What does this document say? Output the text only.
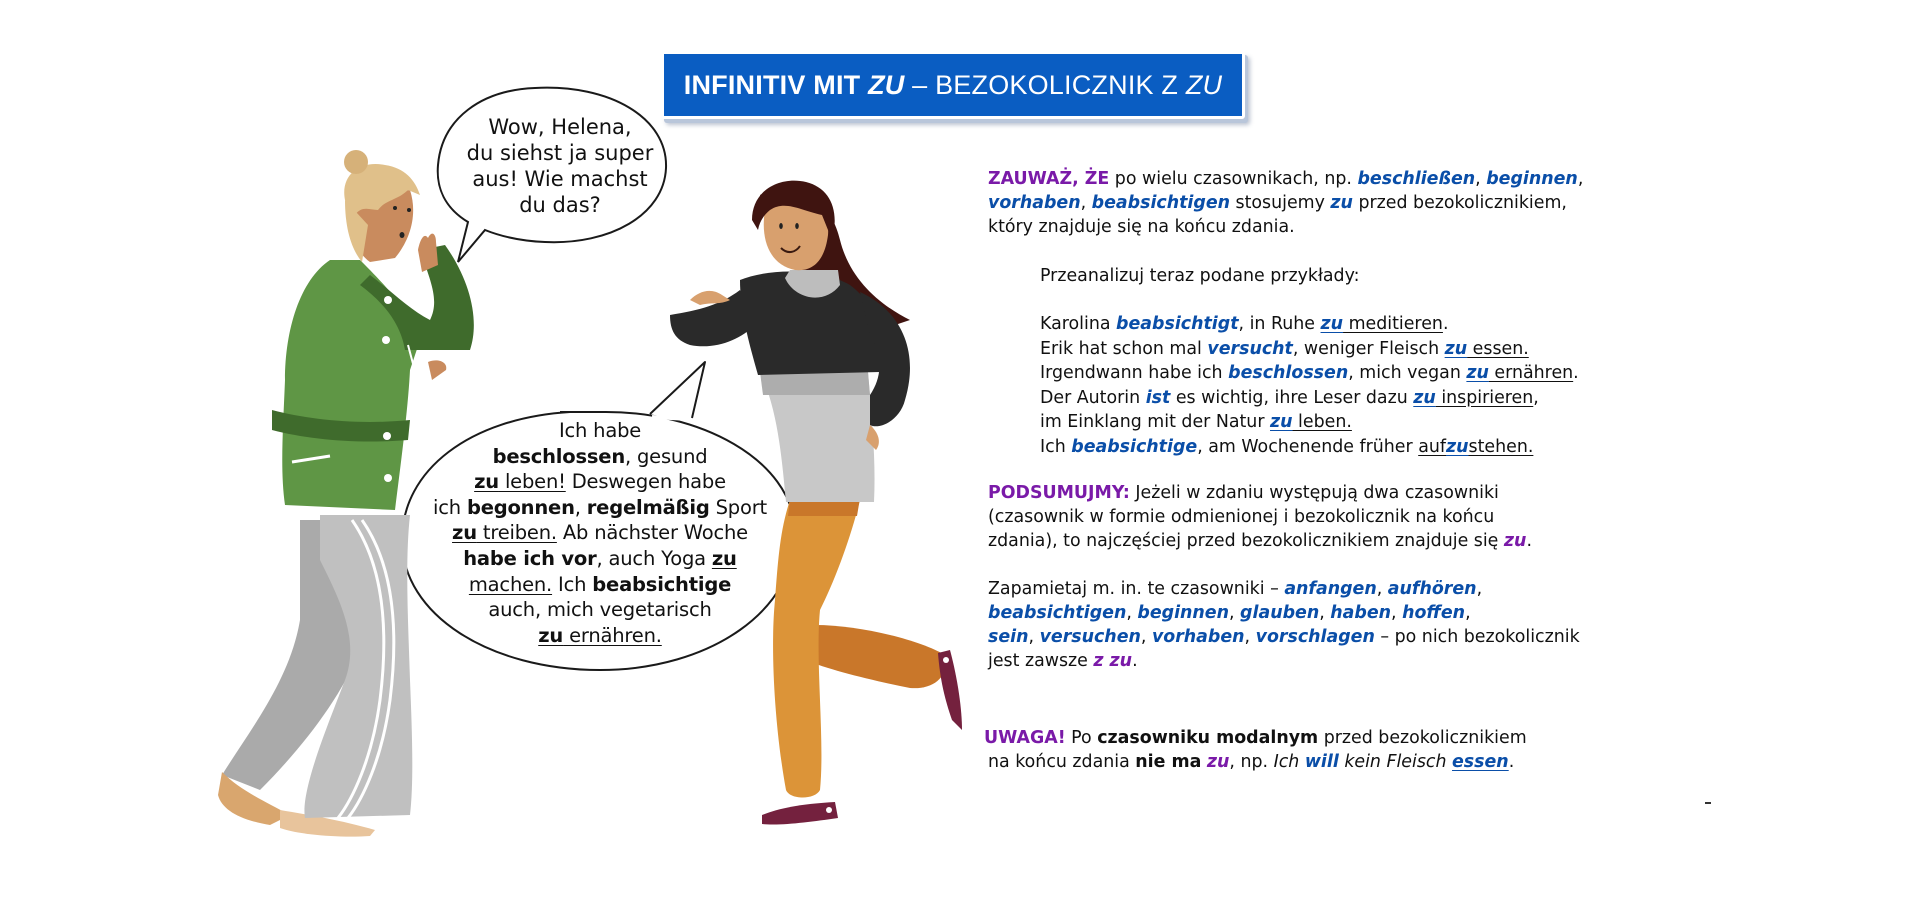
INFINITIV MIT ZU – BEZOKOLICZNIK Z ZU
Wow, Helena,
du siehst ja super
aus! Wie machst
du das?
Ich habe
beschlossen, gesund
zu leben! Deswegen habe
ich begonnen, regelmäßig Sport
zu treiben. Ab nächster Woche
habe ich vor, auch Yoga zu
machen. Ich beabsichtige
auch, mich vegetarisch
zu ernähren.

ZAUWAŻ, ŻE po wielu czasownikach, np. beschließen, beginnen,

vorhaben, beabsichtigen stosujemy zu przed bezokolicznikiem,

który znajduje się na końcu zdania.

Przeanalizuj teraz podane przykłady:
Karolina beabsichtigt, in Ruhe zu meditieren.
Erik hat schon mal versucht, weniger Fleisch zu essen.
Irgendwann habe ich beschlossen, mich vegan zu ernähren.
Der Autorin ist es wichtig, ihre Leser dazu zu inspirieren,
im Einklang mit der Natur zu leben.
Ich beabsichtige, am Wochenende früher aufzustehen.

PODSUMUJMY: Jeżeli w zdaniu występują dwa czasowniki

(czasownik w formie odmienionej i bezokolicznik na końcu

zdania), to najczęściej przed bezokolicznikiem znajduje się zu.

Zapamietaj m. in. te czasowniki – anfangen, aufhören,

beabsichtigen, beginnen, glauben, haben, hoffen,

sein, versuchen, vorhaben, vorschlagen – po nich bezokolicznik

jest zawsze z zu.

UWAGA! Po czasowniku modalnym przed bezokolicznikiem

na końcu zdania nie ma zu, np. Ich will kein Fleisch essen.
